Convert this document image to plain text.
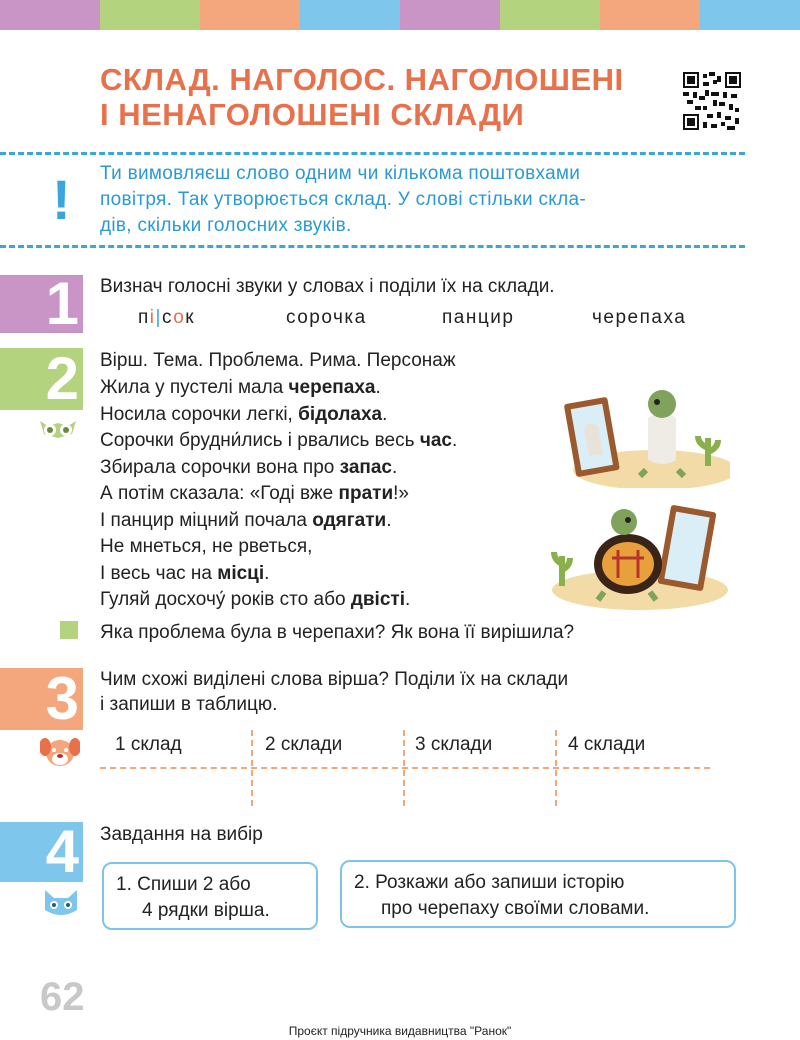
СКЛАД. НАГОЛОС. НАГОЛОШЕНІ
І НЕНАГОЛОШЕНІ СКЛАДИ
! Ти вимовляєш слово одним чи кількома поштовхами
повітря. Так утворюється склад. У слові стільки скла-
дів, скільки голосних звуків.
1 Визнач голосні звуки у словах і поділи їх на склади.
пі|сок	сорочка	панцир	черепаха
2 Вірш. Тема. Проблема. Рима. Персонаж
Жила у пустелі мала черепаха.
Носила сорочки легкі, бідолаха.
Сорочки брудни́лись і рвались весь час.
Збирала сорочки вона про запас.
А потім сказала: «Годі вже прати!»
І панцир міцний почала одягати.
Не мнеться, не рветься,
І весь час на місці.
Гуляй досхочу́ років сто або двісті.
Яка проблема була в черепахи? Як вона її вирішила?
3 Чим схожі виділені слова вірша? Поділи їх на склади
і запиши в таблицю.
1 склад	2 склади	3 склади	4 склади
4 Завдання на вибір
1. Спиши 2 або
4 рядки вірша.
2. Розкажи або запиши історію
про черепаху своїми словами.
62
Проєкт підручника видавництва "Ранок"
